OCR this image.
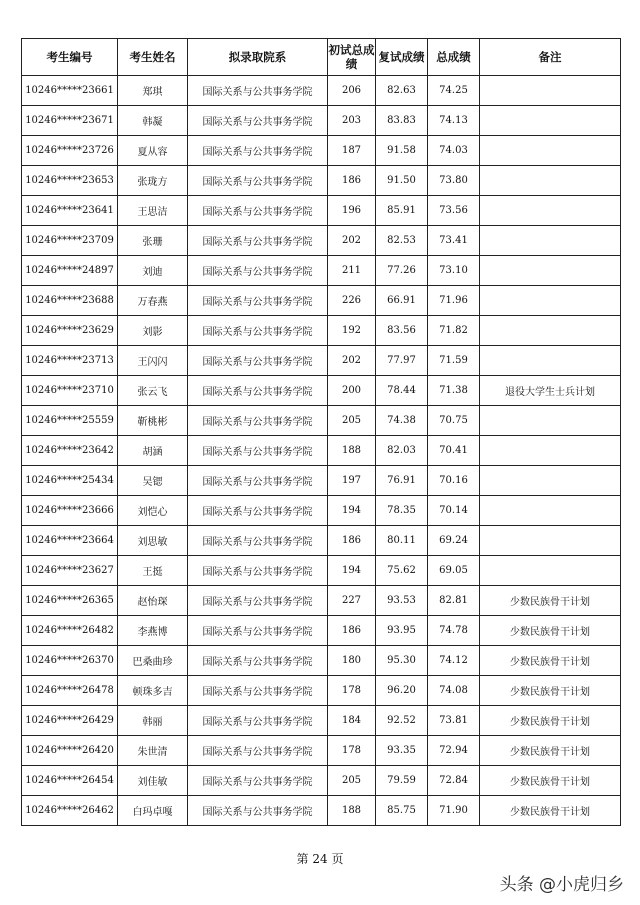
考生编号	考生姓名	拟录取院系	初试总成绩	复试成绩	总成绩	备注
10246*****23661	郑琪	国际关系与公共事务学院	206	82.63	74.25	
10246*****23671	韩凝	国际关系与公共事务学院	203	83.83	74.13	
10246*****23726	夏从容	国际关系与公共事务学院	187	91.58	74.03	
10246*****23653	张珑方	国际关系与公共事务学院	186	91.50	73.80	
10246*****23641	王思洁	国际关系与公共事务学院	196	85.91	73.56	
10246*****23709	张珊	国际关系与公共事务学院	202	82.53	73.41	
10246*****24897	刘迪	国际关系与公共事务学院	211	77.26	73.10	
10246*****23688	万春燕	国际关系与公共事务学院	226	66.91	71.96	
10246*****23629	刘影	国际关系与公共事务学院	192	83.56	71.82	
10246*****23713	王闪闪	国际关系与公共事务学院	202	77.97	71.59	
10246*****23710	张云飞	国际关系与公共事务学院	200	78.44	71.38	退役大学生士兵计划
10246*****25559	靳桃彬	国际关系与公共事务学院	205	74.38	70.75	
10246*****23642	胡涵	国际关系与公共事务学院	188	82.03	70.41	
10246*****25434	吴锶	国际关系与公共事务学院	197	76.91	70.16	
10246*****23666	刘恺心	国际关系与公共事务学院	194	78.35	70.14	
10246*****23664	刘思敏	国际关系与公共事务学院	186	80.11	69.24	
10246*****23627	王挺	国际关系与公共事务学院	194	75.62	69.05	
10246*****26365	赵怡琛	国际关系与公共事务学院	227	93.53	82.81	少数民族骨干计划
10246*****26482	李燕博	国际关系与公共事务学院	186	93.95	74.78	少数民族骨干计划
10246*****26370	巴桑曲珍	国际关系与公共事务学院	180	95.30	74.12	少数民族骨干计划
10246*****26478	顿珠多吉	国际关系与公共事务学院	178	96.20	74.08	少数民族骨干计划
10246*****26429	韩丽	国际关系与公共事务学院	184	92.52	73.81	少数民族骨干计划
10246*****26420	朱世清	国际关系与公共事务学院	178	93.35	72.94	少数民族骨干计划
10246*****26454	刘佳敏	国际关系与公共事务学院	205	79.59	72.84	少数民族骨干计划
10246*****26462	白玛卓嘎	国际关系与公共事务学院	188	85.75	71.90	少数民族骨干计划
第 24 页
头条 @小虎归乡
